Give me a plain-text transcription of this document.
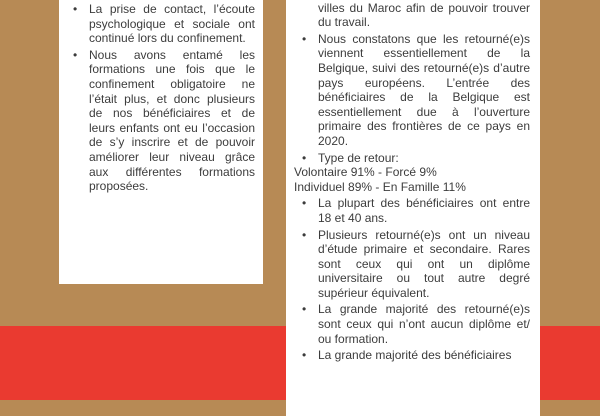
• La prise de contact, l’écoute psychologique et sociale ont continué lors du confinement.
• Nous avons entamé les formations une fois que le confinement obligatoire ne l’était plus, et donc plusieurs de nos bénéficiaires et de leurs enfants ont eu l’occasion de s’y inscrire et de pouvoir améliorer leur niveau grâce aux différentes formations proposées.
villes du Maroc afin de pouvoir trouver du travail.
• Nous constatons que les retourné(e)s viennent essentiellement de la Belgique, suivi des retourné(e)s d’autre pays européens. L’entrée des bénéficiaires de la Belgique est essentiellement due à l’ouverture primaire des frontières de ce pays en 2020.
• Type de retour:

Volontaire 91% - Forcé 9%

Individuel 89% - En Famille 11%

• La plupart des bénéficiaires ont entre 18 et 40 ans.
• Plusieurs retourné(e)s ont un niveau d’étude primaire et secondaire. Rares sont ceux qui ont un diplôme universitaire ou tout autre degré supérieur équivalent.
• La grande majorité des retourné(e)s sont ceux qui n’ont aucun diplôme et/ ou formation.
• La grande majorité des bénéficiaires
